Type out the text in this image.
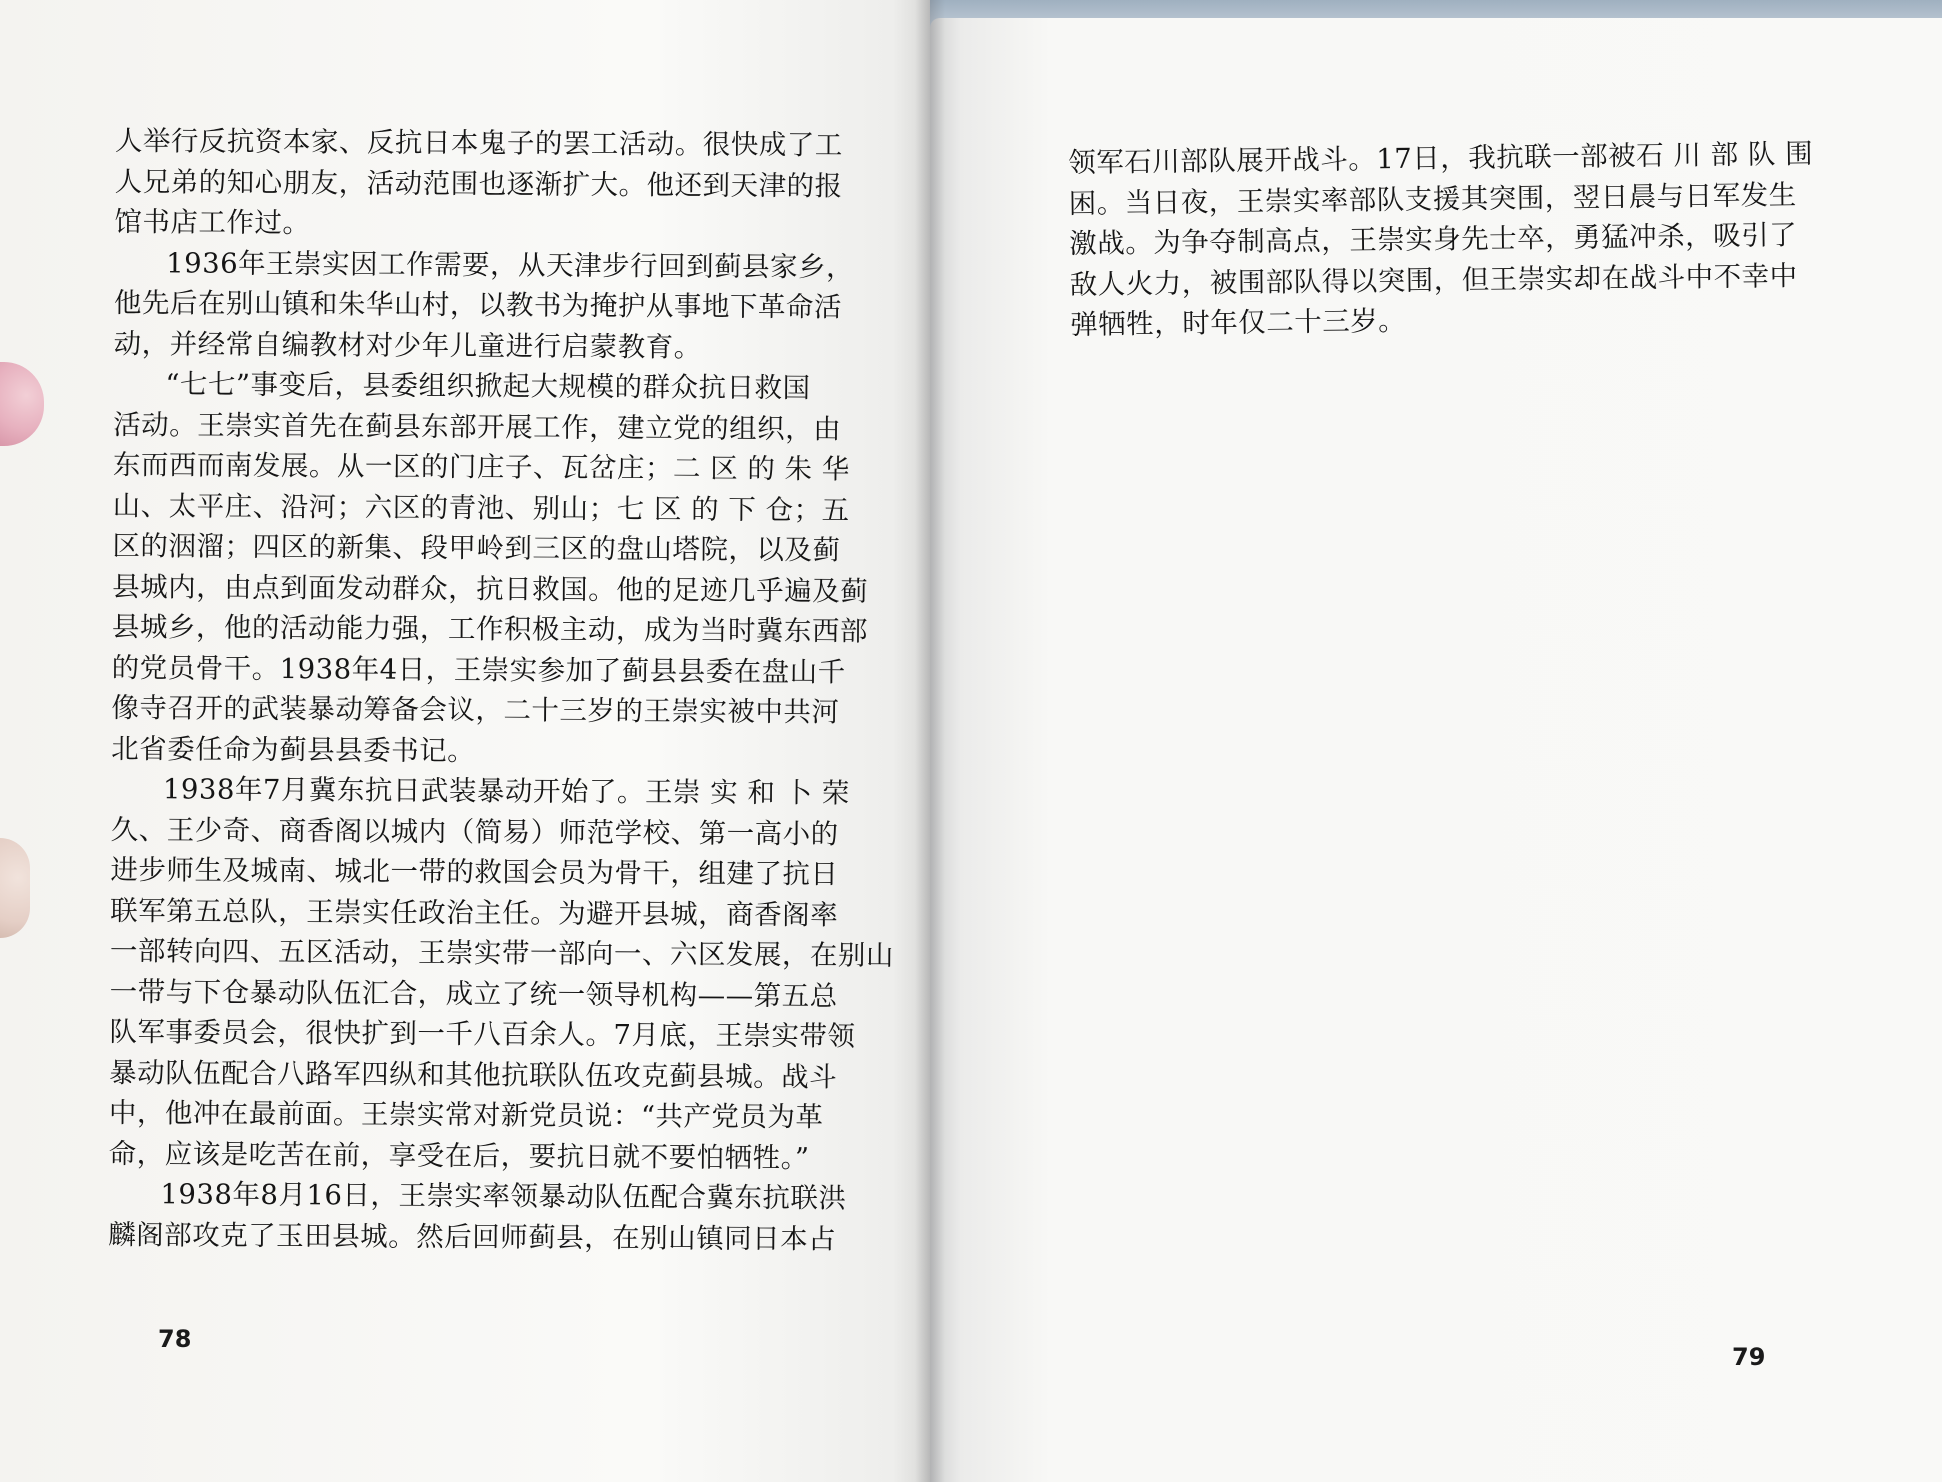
人举行反抗资本家、反抗日本鬼子的罢工活动。很快成了工
人兄弟的知心朋友，活动范围也逐渐扩大。他还到天津的报
馆书店工作过。
1936年王崇实因工作需要，从天津步行回到蓟县家乡，
他先后在别山镇和朱华山村，以教书为掩护从事地下革命活
动，并经常自编教材对少年儿童进行启蒙教育。
“七七”事变后，县委组织掀起大规模的群众抗日救国
活动。王崇实首先在蓟县东部开展工作，建立党的组织，由
东而西而南发展。从一区的门庄子、瓦岔庄；二 区 的 朱 华
山、太平庄、沿河；六区的青池、别山；七 区 的 下 仓；五
区的洇溜；四区的新集、段甲岭到三区的盘山塔院，以及蓟
县城内，由点到面发动群众，抗日救国。他的足迹几乎遍及蓟
县城乡，他的活动能力强，工作积极主动，成为当时冀东西部
的党员骨干。1938年4日，王崇实参加了蓟县县委在盘山千
像寺召开的武装暴动筹备会议，二十三岁的王崇实被中共河
北省委任命为蓟县县委书记。
1938年7月冀东抗日武装暴动开始了。王崇 实 和 卜 荣
久、王少奇、商香阁以城内（简易）师范学校、第一高小的
进步师生及城南、城北一带的救国会员为骨干，组建了抗日
联军第五总队，王崇实任政治主任。为避开县城，商香阁率
一部转向四、五区活动，王崇实带一部向一、六区发展，在别山
一带与下仓暴动队伍汇合，成立了统一领导机构——第五总
队军事委员会，很快扩到一千八百余人。7月底，王崇实带领
暴动队伍配合八路军四纵和其他抗联队伍攻克蓟县城。战斗
中，他冲在最前面。王崇实常对新党员说：“共产党员为革
命，应该是吃苦在前，享受在后，要抗日就不要怕牺牲。”
1938年8月16日，王崇实率领暴动队伍配合冀东抗联洪
麟阁部攻克了玉田县城。然后回师蓟县，在别山镇同日本占
78
领军石川部队展开战斗。17日，我抗联一部被石 川 部 队 围
困。当日夜，王崇实率部队支援其突围，翌日晨与日军发生
激战。为争夺制高点，王崇实身先士卒，勇猛冲杀，吸引了
敌人火力，被围部队得以突围，但王崇实却在战斗中不幸中
弹牺牲，时年仅二十三岁。
79
